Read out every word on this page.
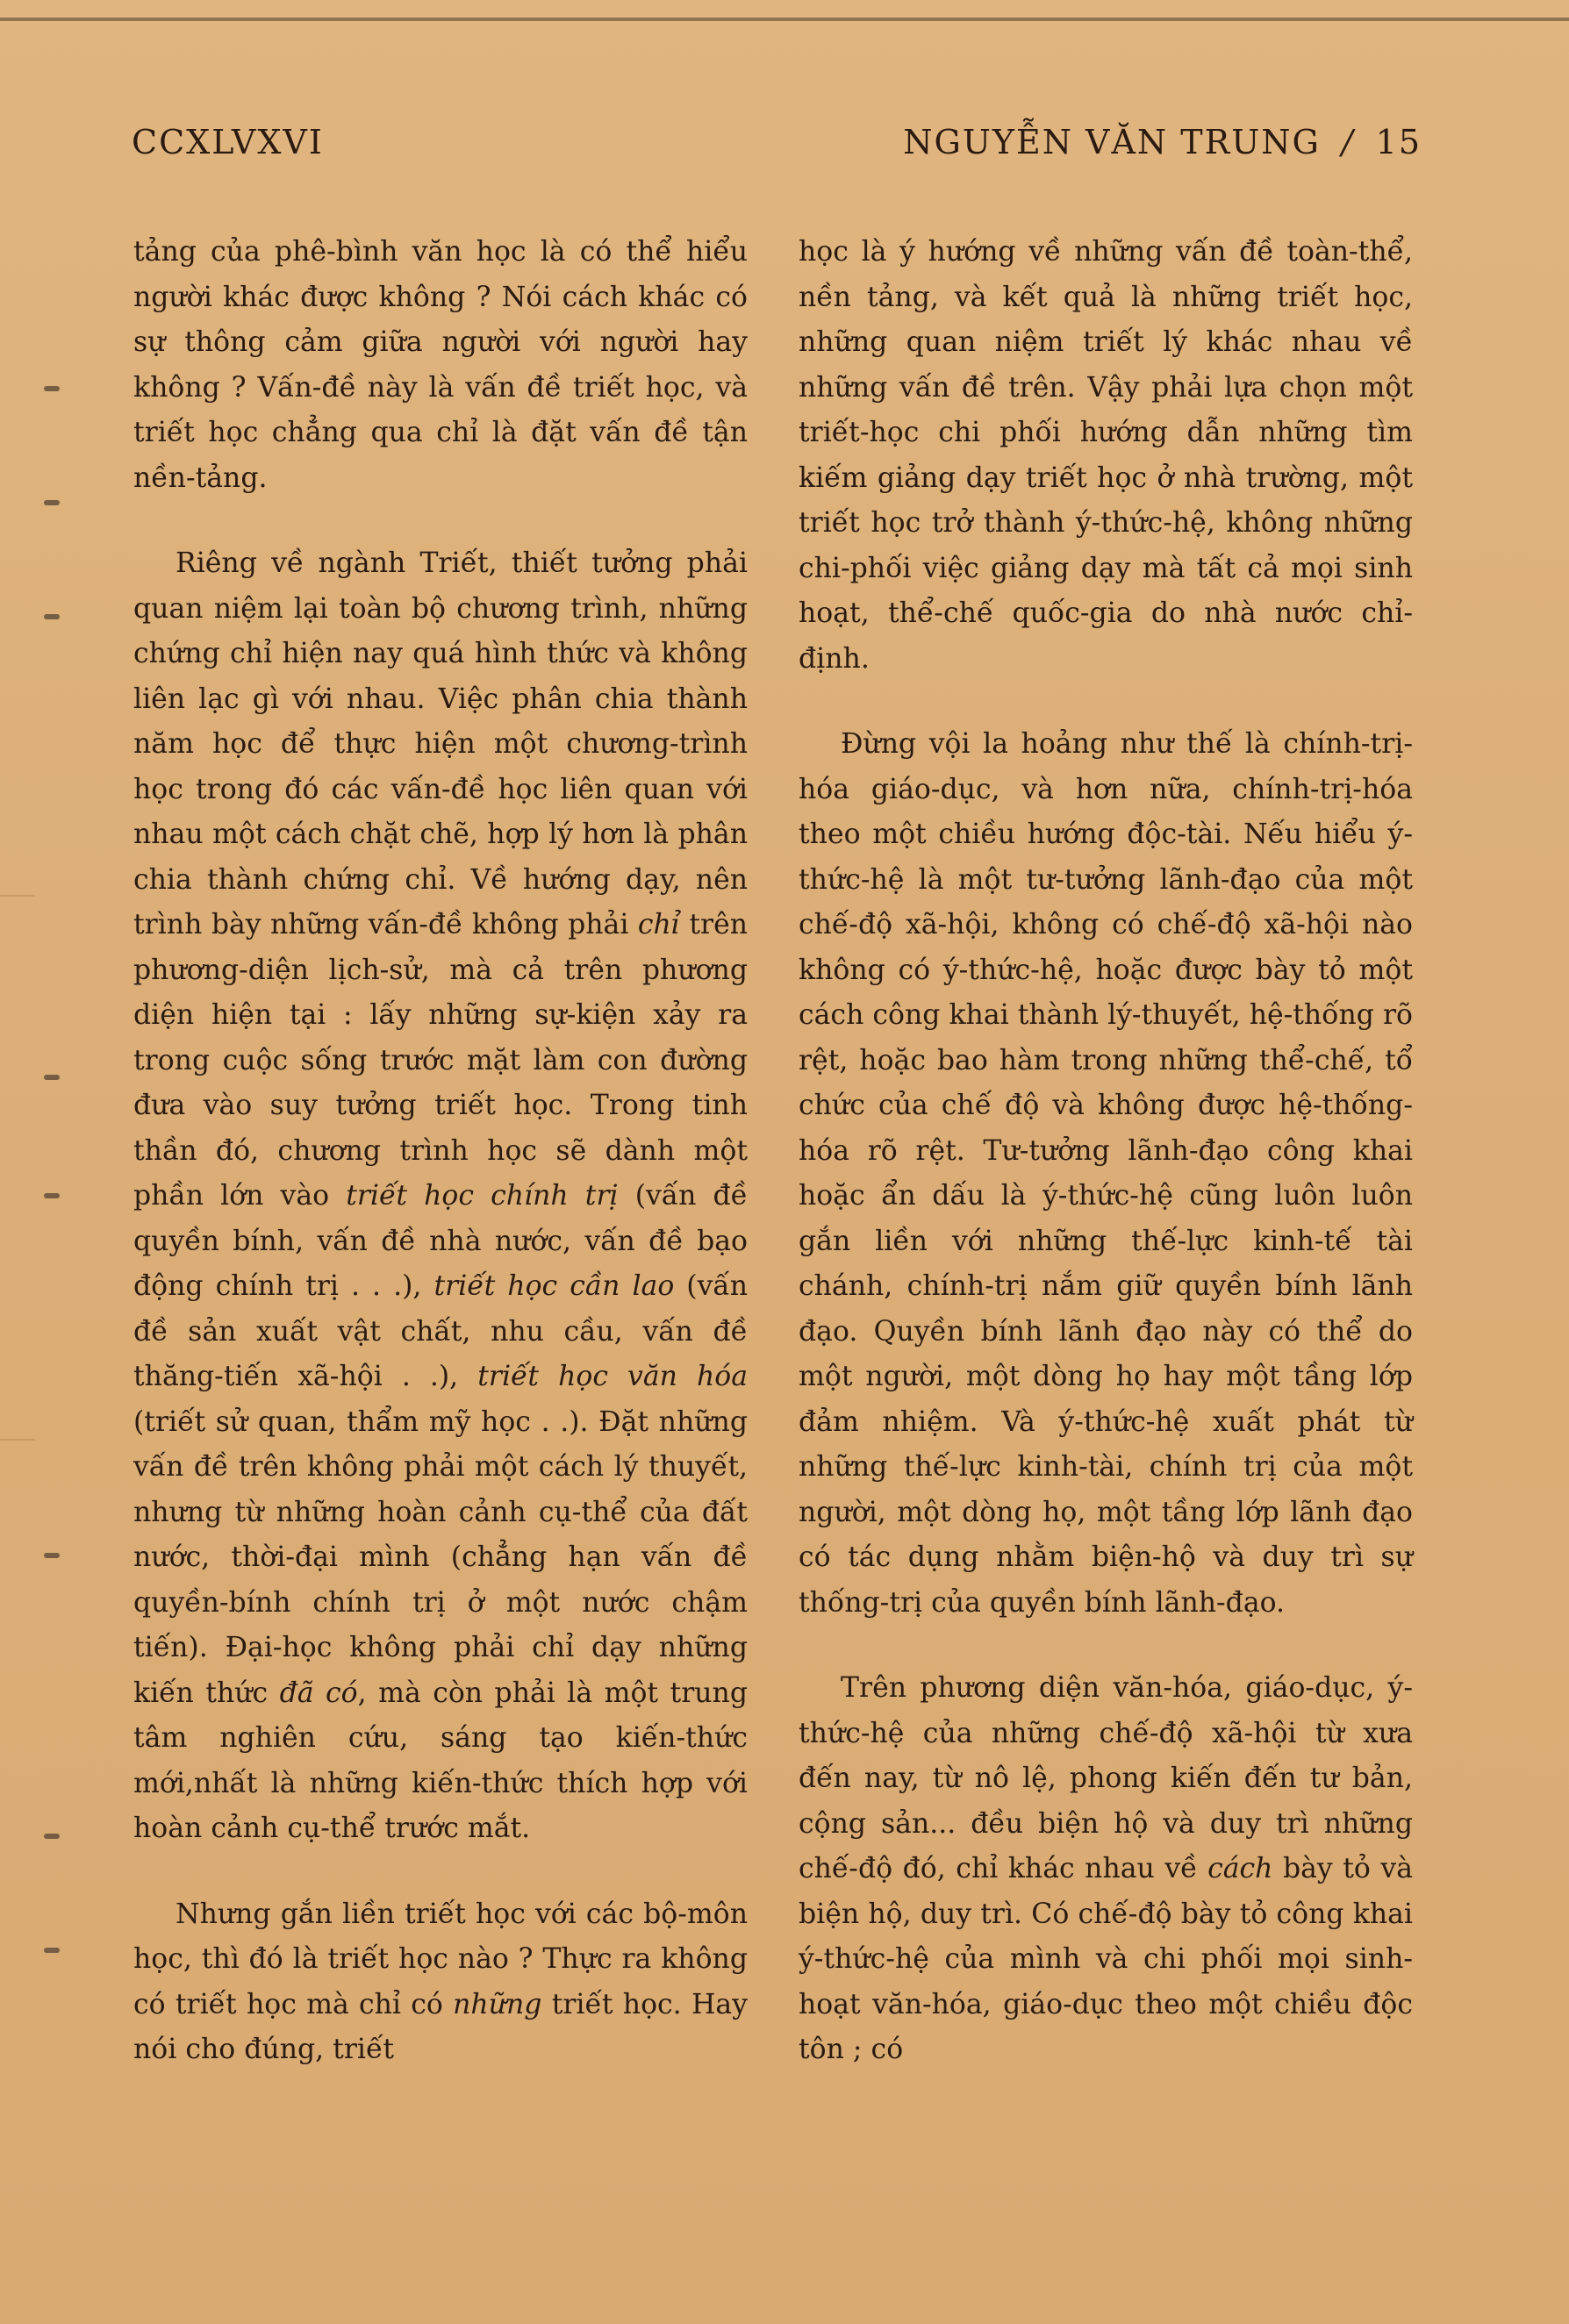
CCXLVXVI	NGUYỄN VĂN TRUNG / 15

tảng của phê-bình văn học là có thể hiểu người khác được không ? Nói cách khác có sự thông cảm giữa người với người hay không ? Vấn-đề này là vấn đề triết học, và triết học chẳng qua chỉ là đặt vấn đề tận nền-tảng.

Riêng về ngành Triết, thiết tưởng phải quan niệm lại toàn bộ chương trình, những chứng chỉ hiện nay quá hình thức và không liên lạc gì với nhau. Việc phân chia thành năm học để thực hiện một chương-trình học trong đó các vấn-đề học liên quan với nhau một cách chặt chẽ, hợp lý hơn là phân chia thành chứng chỉ. Về hướng dạy, nên trình bày những vấn-đề không phải chỉ trên phương-diện lịch-sử, mà cả trên phương diện hiện tại : lấy những sự-kiện xảy ra trong cuộc sống trước mặt làm con đường đưa vào suy tưởng triết học. Trong tinh thần đó, chương trình học sẽ dành một phần lớn vào triết học chính trị (vấn đề quyền bính, vấn đề nhà nước, vấn đề bạo động chính trị . . .), triết học cần lao (vấn đề sản xuất vật chất, nhu cầu, vấn đề thăng-tiến xã-hội . .), triết học văn hóa (triết sử quan, thẩm mỹ học . .). Đặt những vấn đề trên không phải một cách lý thuyết, nhưng từ những hoàn cảnh cụ-thể của đất nước, thời-đại mình (chẳng hạn vấn đề quyền-bính chính trị ở một nước chậm tiến). Đại-học không phải chỉ dạy những kiến thức đã có, mà còn phải là một trung tâm nghiên cứu, sáng tạo kiến-thức mới,nhất là những kiến-thức thích hợp với hoàn cảnh cụ-thể trước mắt.

Nhưng gắn liền triết học với các bộ-môn học, thì đó là triết học nào ? Thực ra không có triết học mà chỉ có những triết học. Hay nói cho đúng, triết

học là ý hướng về những vấn đề toàn-thể, nền tảng, và kết quả là những triết học, những quan niệm triết lý khác nhau về những vấn đề trên. Vậy phải lựa chọn một triết-học chi phối hướng dẫn những tìm kiếm giảng dạy triết học ở nhà trường, một triết học trở thành ý-thức-hệ, không những chi-phối việc giảng dạy mà tất cả mọi sinh hoạt, thể-chế quốc-gia do nhà nước chỉ-định.

Đừng vội la hoảng như thế là chính-trị-hóa giáo-dục, và hơn nữa, chính-trị-hóa theo một chiều hướng độc-tài. Nếu hiểu ý-thức-hệ là một tư-tưởng lãnh-đạo của một chế-độ xã-hội, không có chế-độ xã-hội nào không có ý-thức-hệ, hoặc được bày tỏ một cách công khai thành lý-thuyết, hệ-thống rõ rệt, hoặc bao hàm trong những thể-chế, tổ chức của chế độ và không được hệ-thống-hóa rõ rệt. Tư-tưởng lãnh-đạo công khai hoặc ẩn dấu là ý-thức-hệ cũng luôn luôn gắn liền với những thế-lực kinh-tế tài chánh, chính-trị nắm giữ quyền bính lãnh đạo. Quyền bính lãnh đạo này có thể do một người, một dòng họ hay một tầng lớp đảm nhiệm. Và ý-thức-hệ xuất phát từ những thế-lực kinh-tài, chính trị của một người, một dòng họ, một tầng lớp lãnh đạo có tác dụng nhằm biện-hộ và duy trì sự thống-trị của quyền bính lãnh-đạo.

Trên phương diện văn-hóa, giáo-dục, ý-thức-hệ của những chế-độ xã-hội từ xưa đến nay, từ nô lệ, phong kiến đến tư bản, cộng sản... đều biện hộ và duy trì những chế-độ đó, chỉ khác nhau về cách bày tỏ và biện hộ, duy trì. Có chế-độ bày tỏ công khai ý-thức-hệ của mình và chi phối mọi sinh-hoạt văn-hóa, giáo-dục theo một chiều độc tôn ; có
